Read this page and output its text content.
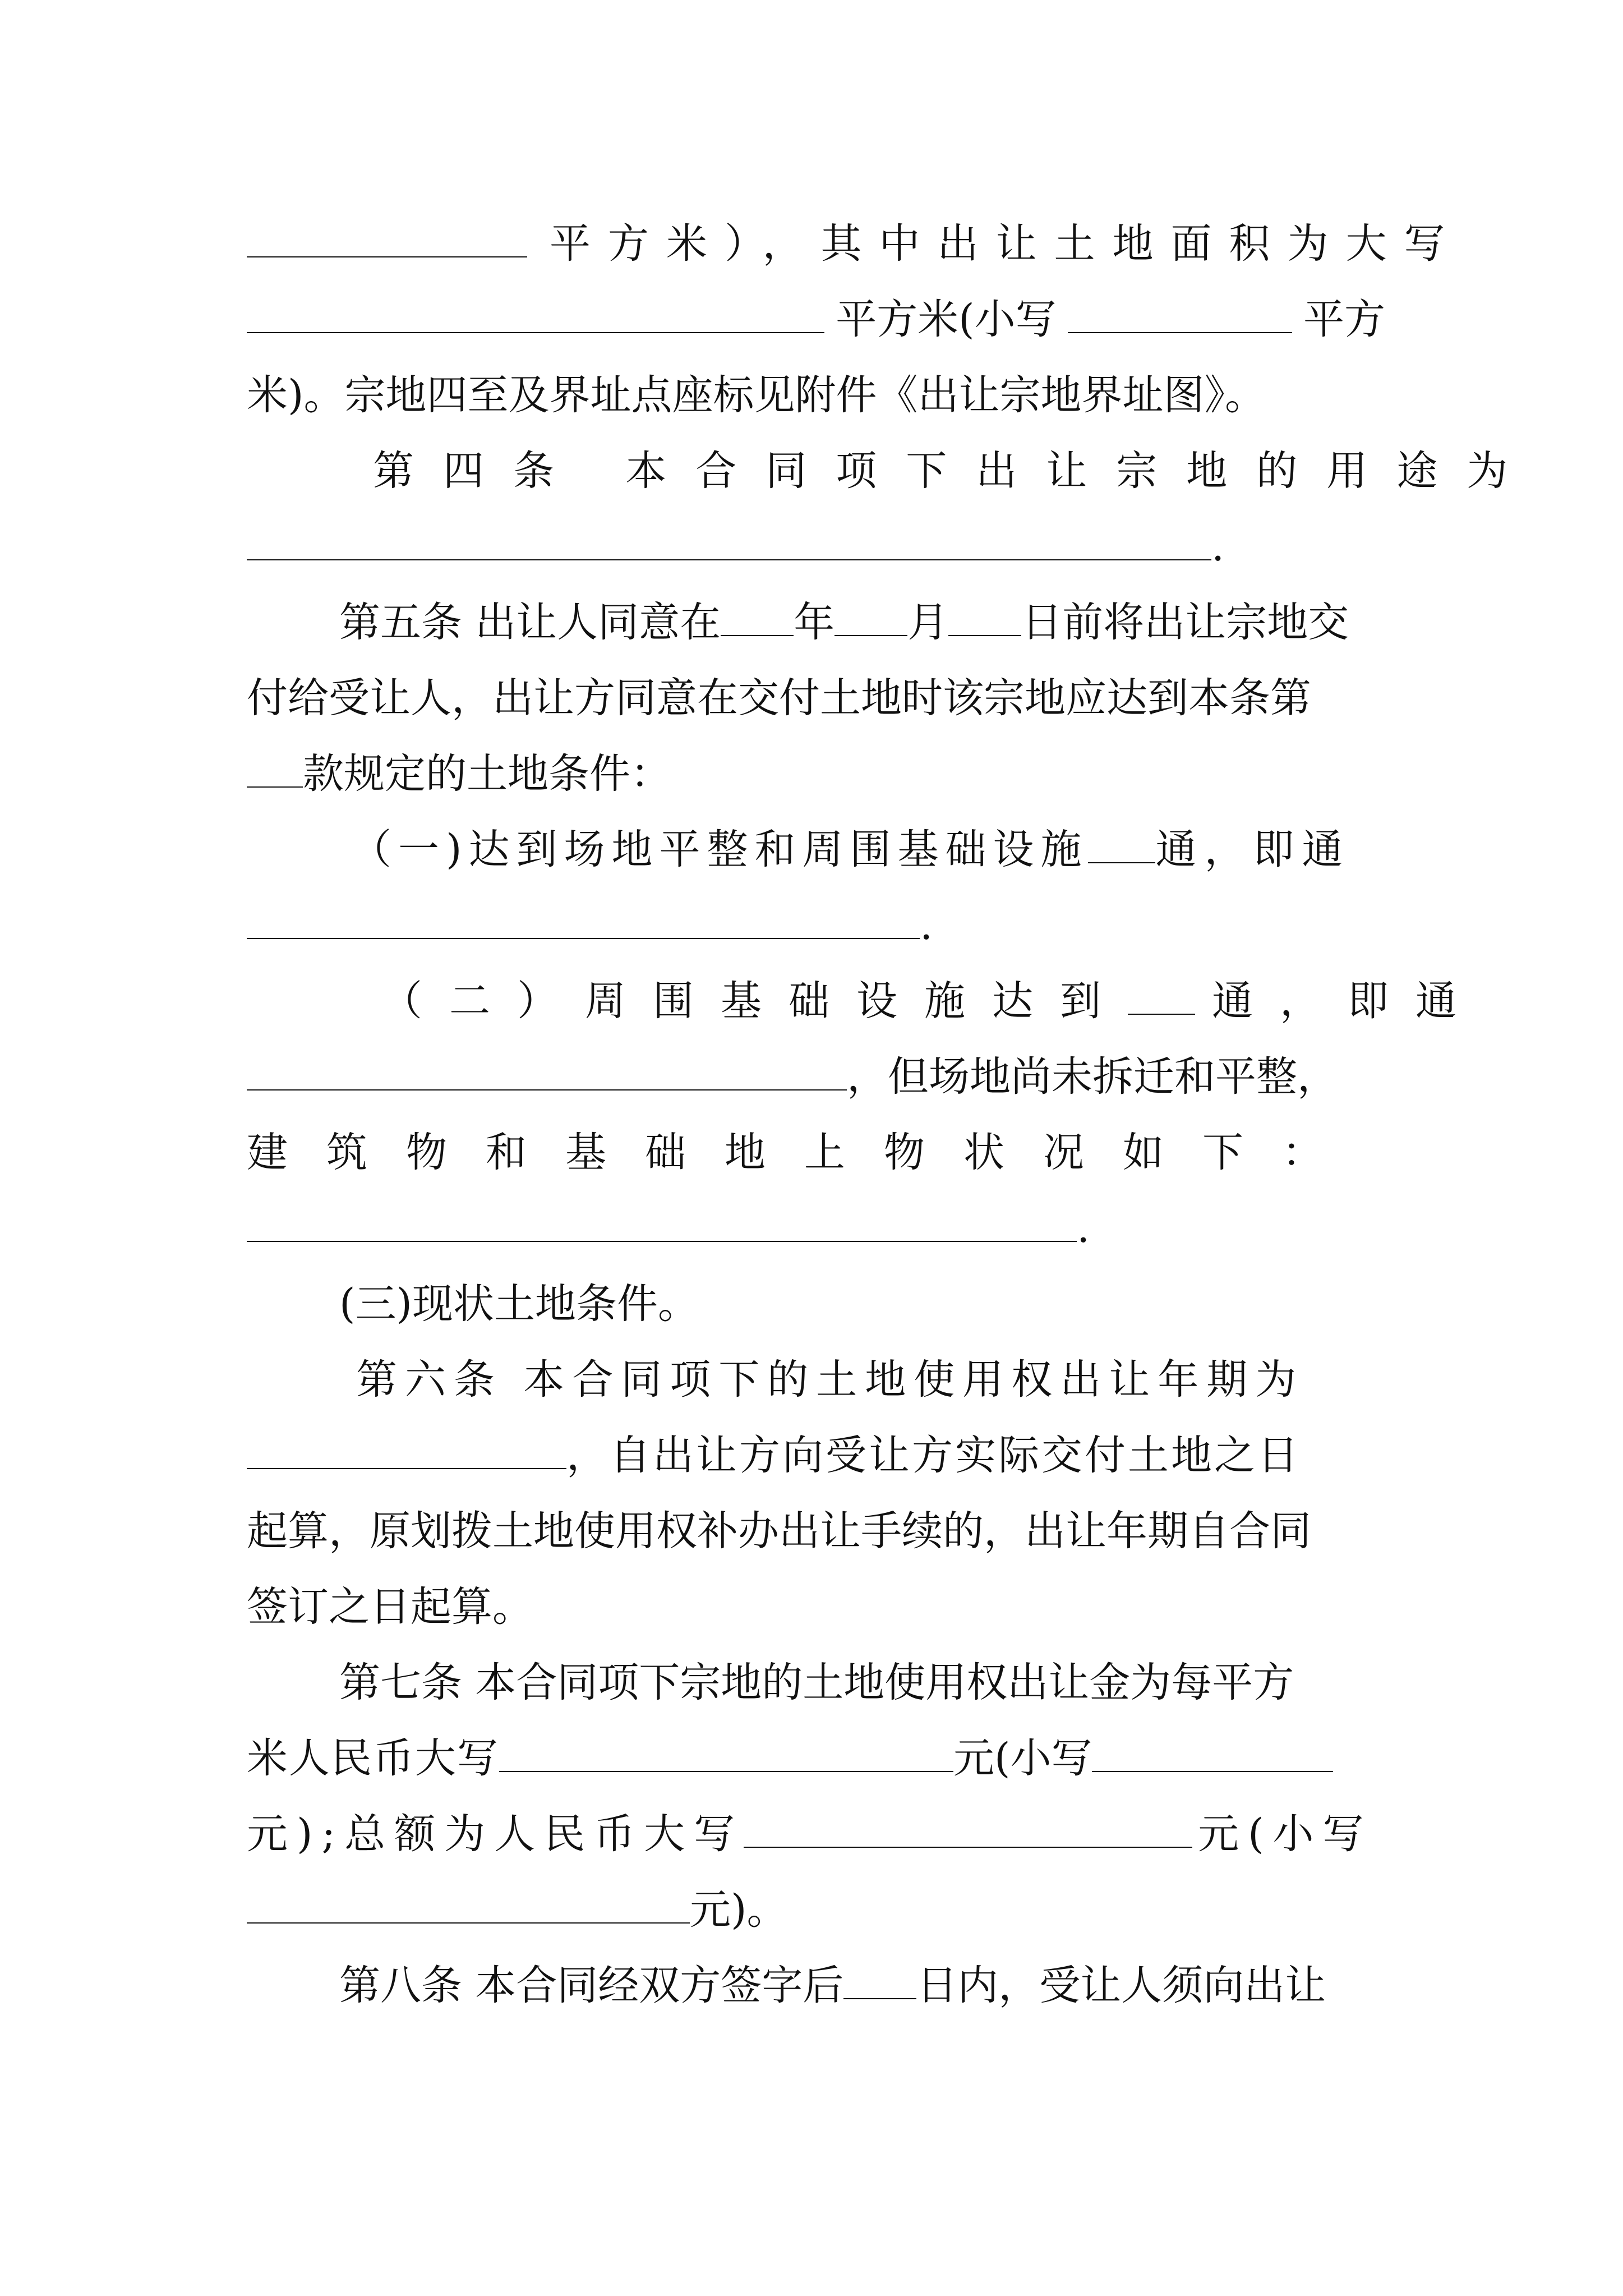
平方米），其中出让土地面积为大写
平方米(小写	平方
米)。宗地四至及界址点座标见附件《出让宗地界址图》。
第四条 本合同项下出让宗地的用途为
.
第五条 出让人同意在 年 月 日前将出让宗地交
付给受让人，出让方同意在交付土地时该宗地应达到本条第
款规定的土地条件：
（一)达到场地平整和周围基础设施 通，即通
.
（二）周围基础设施达到 通，即通
，但场地尚未拆迁和平整，
建筑物和基础地上物状况如下：
.
(三)现状土地条件。
第六条 本合同项下的土地使用权出让年期为
，自出让方向受让方实际交付土地之日
起算，原划拨土地使用权补办出让手续的，出让年期自合同
签订之日起算。
第七条 本合同项下宗地的土地使用权出让金为每平方
米人民币大写	元(小写
元);总额为人民币大写	元(小写
元)。
第八条 本合同经双方签字后 日内，受让人须向出让
